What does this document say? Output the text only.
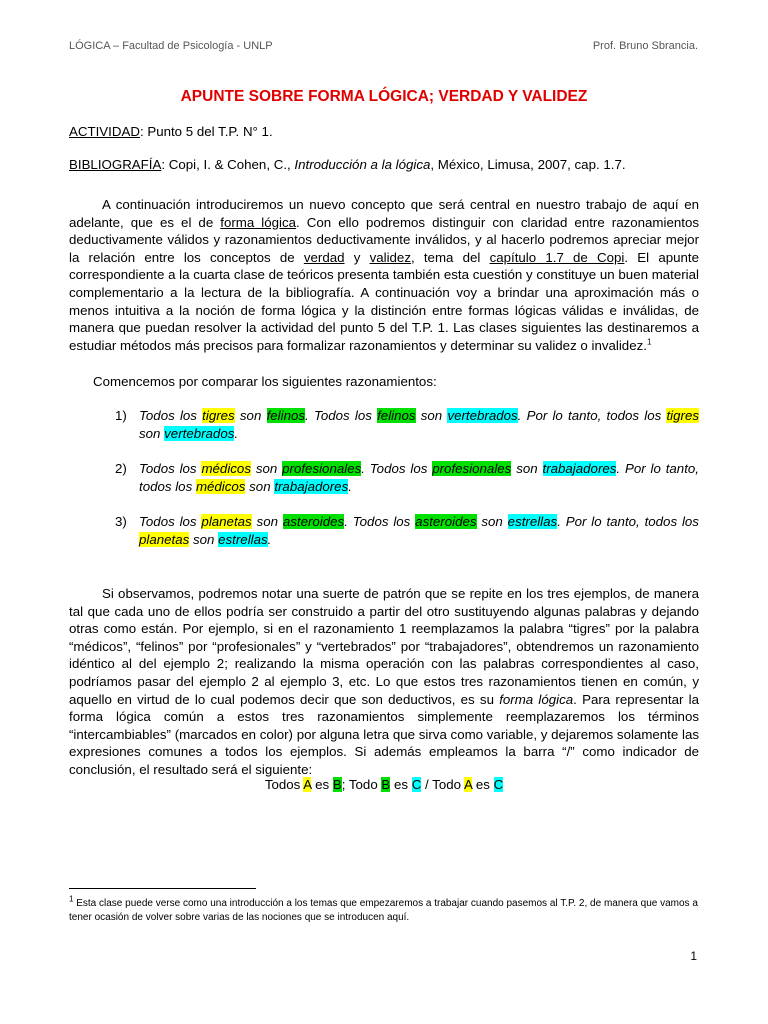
LÓGICA – Facultad de Psicología - UNLP	Prof. Bruno Sbrancia.
APUNTE SOBRE FORMA LÓGICA; VERDAD Y VALIDEZ
ACTIVIDAD: Punto 5 del T.P. N° 1.
BIBLIOGRAFÍA: Copi, I. & Cohen, C., Introducción a la lógica, México, Limusa, 2007, cap. 1.7.
A continuación introduciremos un nuevo concepto que será central en nuestro trabajo de aquí en adelante, que es el de forma lógica. Con ello podremos distinguir con claridad entre razonamientos deductivamente válidos y razonamientos deductivamente inválidos, y al hacerlo podremos apreciar mejor la relación entre los conceptos de verdad y validez, tema del capítulo 1.7 de Copi. El apunte correspondiente a la cuarta clase de teóricos presenta también esta cuestión y constituye un buen material complementario a la lectura de la bibliografía. A continuación voy a brindar una aproximación más o menos intuitiva a la noción de forma lógica y la distinción entre formas lógicas válidas e inválidas, de manera que puedan resolver la actividad del punto 5 del T.P. 1. Las clases siguientes las destinaremos a estudiar métodos más precisos para formalizar razonamientos y determinar su validez o invalidez.$^1$
Comencemos por comparar los siguientes razonamientos:
1) Todos los tigres son felinos. Todos los felinos son vertebrados. Por lo tanto, todos los tigres son vertebrados.
2) Todos los médicos son profesionales. Todos los profesionales son trabajadores. Por lo tanto, todos los médicos son trabajadores.
3) Todos los planetas son asteroides. Todos los asteroides son estrellas. Por lo tanto, todos los planetas son estrellas.
Si observamos, podremos notar una suerte de patrón que se repite en los tres ejemplos, de manera tal que cada uno de ellos podría ser construido a partir del otro sustituyendo algunas palabras y dejando otras como están. Por ejemplo, si en el razonamiento 1 reemplazamos la palabra “tigres” por la palabra “médicos”, “felinos” por “profesionales” y “vertebrados” por “trabajadores”, obtendremos un razonamiento idéntico al del ejemplo 2; realizando la misma operación con las palabras correspondientes al caso, podríamos pasar del ejemplo 2 al ejemplo 3, etc. Lo que estos tres razonamientos tienen en común, y aquello en virtud de lo cual podemos decir que son deductivos, es su forma lógica. Para representar la forma lógica común a estos tres razonamientos simplemente reemplazaremos los términos “intercambiables” (marcados en color) por alguna letra que sirva como variable, y dejaremos solamente las expresiones comunes a todos los ejemplos. Si además empleamos la barra “/” como indicador de conclusión, el resultado será el siguiente:
Todos A es B; Todo B es C / Todo A es C
$^1$ Esta clase puede verse como una introducción a los temas que empezaremos a trabajar cuando pasemos al T.P. 2, de manera que vamos a tener ocasión de volver sobre varias de las nociones que se introducen aquí.
1
